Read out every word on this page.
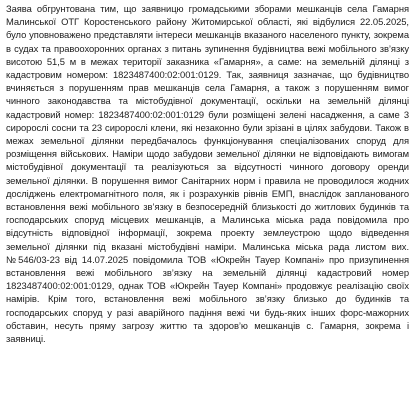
Заява обгрунтована тим, що заявницю громадськими зборами мешканців села Гамарня Малинської ОТГ Коростенського району Житомирської області, які відбулися 22.05.2025, було уповноважено представляти інтереси мешканців вказаного населеного пункту, зокрема в судах та правоохоронних органах з питань зупинення будівництва вежі мобільного зв’язку висотою 51,5 м в межах території заказника «Гамарня», а саме: на земельній ділянці з кадастровим номером: 1823487400:02:001:0129. Так, заявниця зазначає, що будівництво вчиняється з порушенням прав мешканців села Гамарня, а також з порушенням вимог чинного законодавства та містобудівної документації, оскільки на земельній ділянці кадастровий номер: 1823487400:02:001:0129 були розміщені зелені насадження, а саме 3 сиророслі сосни та 23 сиророслі клени, які незаконно були зрізані в цілях забудови. Також в межах земельної ділянки передбачалось функціонування спеціалізованих споруд для розміщення військових. Наміри щодо забудови земельної ділянки не відповідають вимогам містобудівної документації та реалізуються за відсутності чинного договору оренди земельної ділянки. В порушення вимог Санітарних норм і правила не проводилося жодних досліджень електромагнітного поля, як і розрахунків рівнів ЕМП, внаслідок запланованого встановлення вежі мобільного зв’язку в безпосередній близькості до житлових будинків та господарських споруд місцевих мешканців, а Малинська міська рада повідомила про відсутність відповідної інформації, зокрема проекту землеустрою щодо відведення земельної ділянки під вказані містобудівні наміри. Малинська міська рада листом вих. №546/03-23 від 14.07.2025 повідомила ТОВ «Юкрейн Тауер Компані» про призупинення встановлення вежі мобільного зв’язку на земельній ділянці кадастровий номер 1823487400:02:001:0129, однак ТОВ «Юкрейн Тауер Компані» продовжує реалізацію своїх намірів. Крім того, встановлення вежі мобільного зв’язку близько до будинків та господарських споруд у разі аварійного падіння вежі чи будь-яких інших форс-мажорних обставин, несуть пряму загрозу життю та здоров’ю мешканців с. Гамарня, зокрема і заявниці.
